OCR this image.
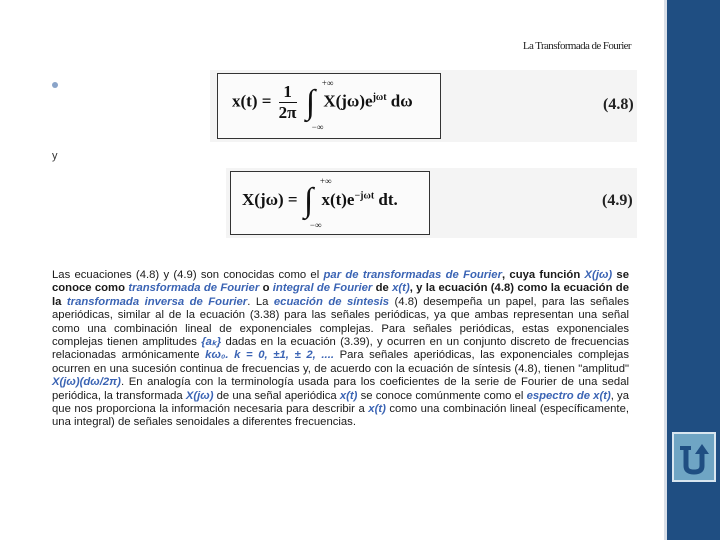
La Transformada de Fourier
$x(t) = \frac{1}{2\pi}$ ∫
+∞
−∞
$X(j\omega)e^{j\omega t}$ dω	(4.8)
y
X(jω) = ∫
+∞
−∞
$x(t)e^{-j\omega t}$ dt.	(4.9)
Las ecuaciones (4.8) y (4.9) son conocidas como el par de transformadas de Fourier, cuya función X(jω) se conoce como transformada de Fourier o integral de Fourier de x(t), y la ecuación (4.8) como la ecuación de la transformada inversa de Fourier. La ecuación de síntesis (4.8) desempeña un papel, para las señales aperiódicas, similar al de la ecuación (3.38) para las señales periódicas, ya que ambas representan una señal como una combinación lineal de exponenciales complejas. Para señales periódicas, estas exponenciales complejas tienen amplitudes {aₖ} dadas en la ecuación (3.39), y ocurren en un conjunto discreto de frecuencias relacionadas armónicamente kω₀. k = 0, ±1, ± 2, .... Para señales aperiódicas, las exponenciales complejas ocurren en una sucesión continua de frecuencias y, de acuerdo con la ecuación de síntesis (4.8), tienen "amplitud" X(jω)(dω/2π). En analogía con la terminología usada para los coeficientes de la serie de Fourier de una sedal periódica, la transformada X(jω) de una señal aperiódica x(t) se conoce comúnmente como el espectro de x(t), ya que nos proporciona la información necesaria para describir a x(t) como una combinación lineal (específicamente, una integral) de señales senoidales a diferentes frecuencias.
